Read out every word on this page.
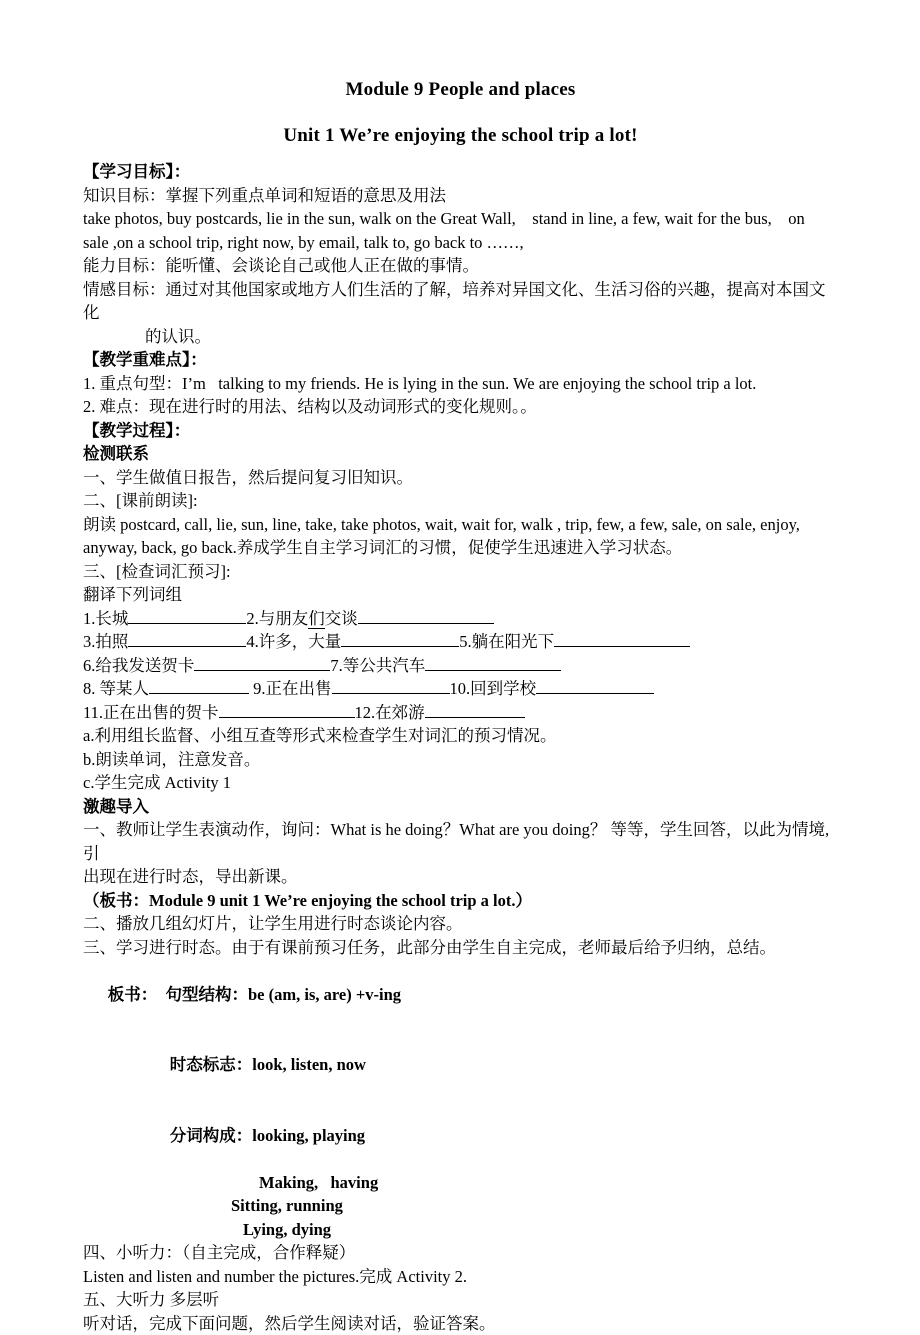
Module 9 People and places
Unit 1 We’re enjoying the school trip a lot!
【学习目标】：
知识目标：掌握下列重点单词和短语的意思及用法
take photos, buy postcards, lie in the sun, walk on the Great Wall,    stand in line, a few, wait for the bus,    on
sale ,on a school trip, right now, by email, talk to, go back to ……,
能力目标：能听懂、会谈论自己或他人正在做的事情。
情感目标：通过对其他国家或地方人们生活的了解，培养对异国文化、生活习俗的兴趣，提高对本国文化
的认识。
【教学重难点】：
1. 重点句型：I’m   talking to my friends. He is lying in the sun. We are enjoying the school trip a lot.
2. 难点：现在进行时的用法、结构以及动词形式的变化规则。。
【教学过程】：
检测联系
一、学生做值日报告，然后提问复习旧知识。
二、[课前朗读]:
朗读 postcard, call, lie, sun, line, take, take photos, wait, wait for, walk , trip, few, a few, sale, on sale, enjoy,
anyway, back, go back.养成学生自主学习词汇的习惯，促使学生迅速进入学习状态。
三、[检查词汇预习]:
翻译下列词组
1.长城	2.与朋友们交谈
3.拍照	4.许多，大量	5.躺在阳光下
6.给我发送贺卡	7.等公共汽车
8. 等某人	9.正在出售	10.回到学校
11.正在出售的贺卡	12.在郊游
a.利用组长监督、小组互查等形式来检查学生对词汇的预习情况。
b.朗读单词，注意发音。
c.学生完成 Activity 1
激趣导入
一、教师让学生表演动作，询问：What is he doing？What are you doing？ 等等，学生回答，以此为情境,引
出现在进行时态，导出新课。
（板书：Module 9 unit 1 We’re enjoying the school trip a lot.）
二、播放几组幻灯片，让学生用进行时态谈论内容。
三、学习进行时态。由于有课前预习任务，此部分由学生自主完成，老师最后给予归纳，总结。

板书： 句型结构：be (am, is, are) +v-ing

时态标志：look, listen, now

分词构成：looking, playing

Making,   having
Sitting, running
Lying, dying
四、小听力：（自主完成，合作释疑）
Listen and listen and number the pictures.完成 Activity 2.
五、大听力 多层听
听对话，完成下面问题，然后学生阅读对话，验证答案。
